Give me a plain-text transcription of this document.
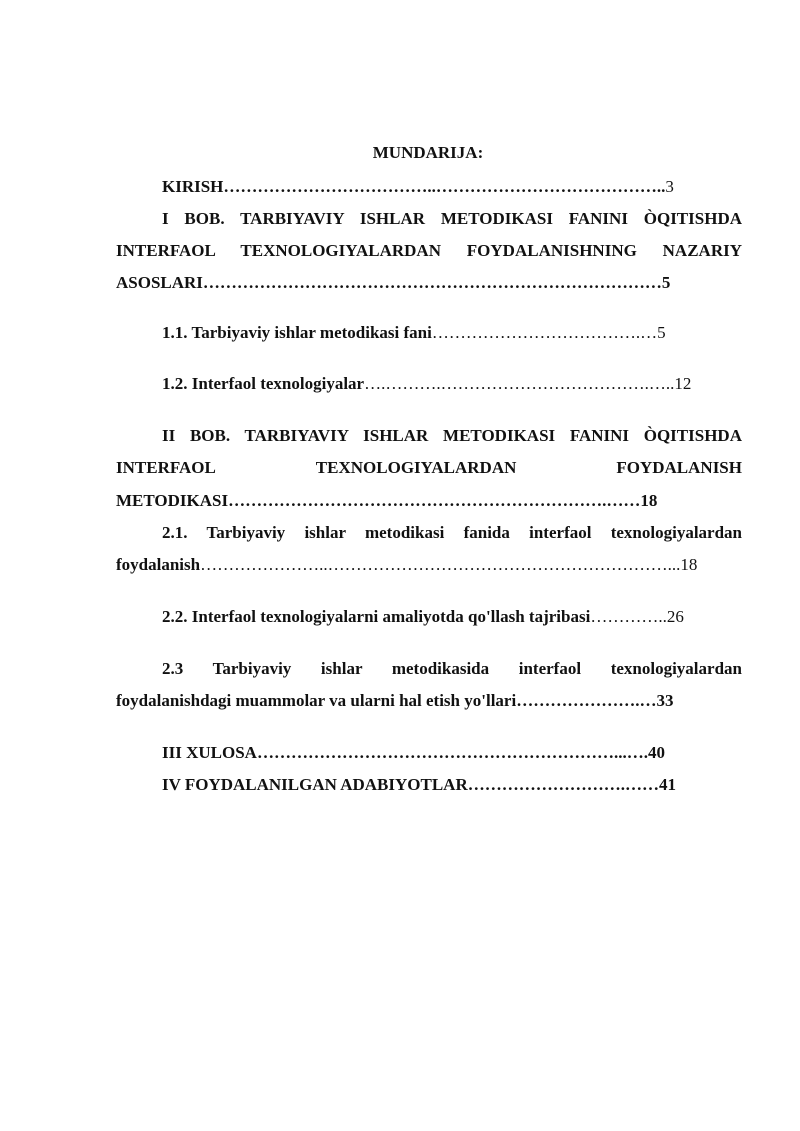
MUNDARIJA:
KIRISH………………………………..…………………………………..3
I BOB. TARBIYAVIY ISHLAR METODIKASI FANINI ÒQITISHDA
INTERFAOL TEXNOLOGIYALARDAN FOYDALANISHNING NAZARIY
ASOSLARI………………………………………………………………………5
1.1. Tarbiyaviy ishlar metodikasi fani……………………………….…5
1.2. Interfaol texnologiyalar….……….……………………………….…..12
II BOB. TARBIYAVIY ISHLAR METODIKASI FANINI ÒQITISHDA
INTERFAOL	TEXNOLOGIYALARDAN	FOYDALANISH
METODIKASI………………………………………………………….……18
2.1. Tarbiyaviy ishlar metodikasi fanida interfaol texnologiyalardan
foydalanish…………………..……………………………………………………...18
2.2. Interfaol texnologiyalarni amaliyotda qo'llash tajribasi…………..26
2.3 Tarbiyaviy ishlar metodikasida interfaol texnologiyalardan
foydalanishdagi muammolar va ularni hal etish yo'llari………………….…33
III XULOSA………………………………………………………...….40
IV FOYDALANILGAN ADABIYOTLAR……………………….……41
